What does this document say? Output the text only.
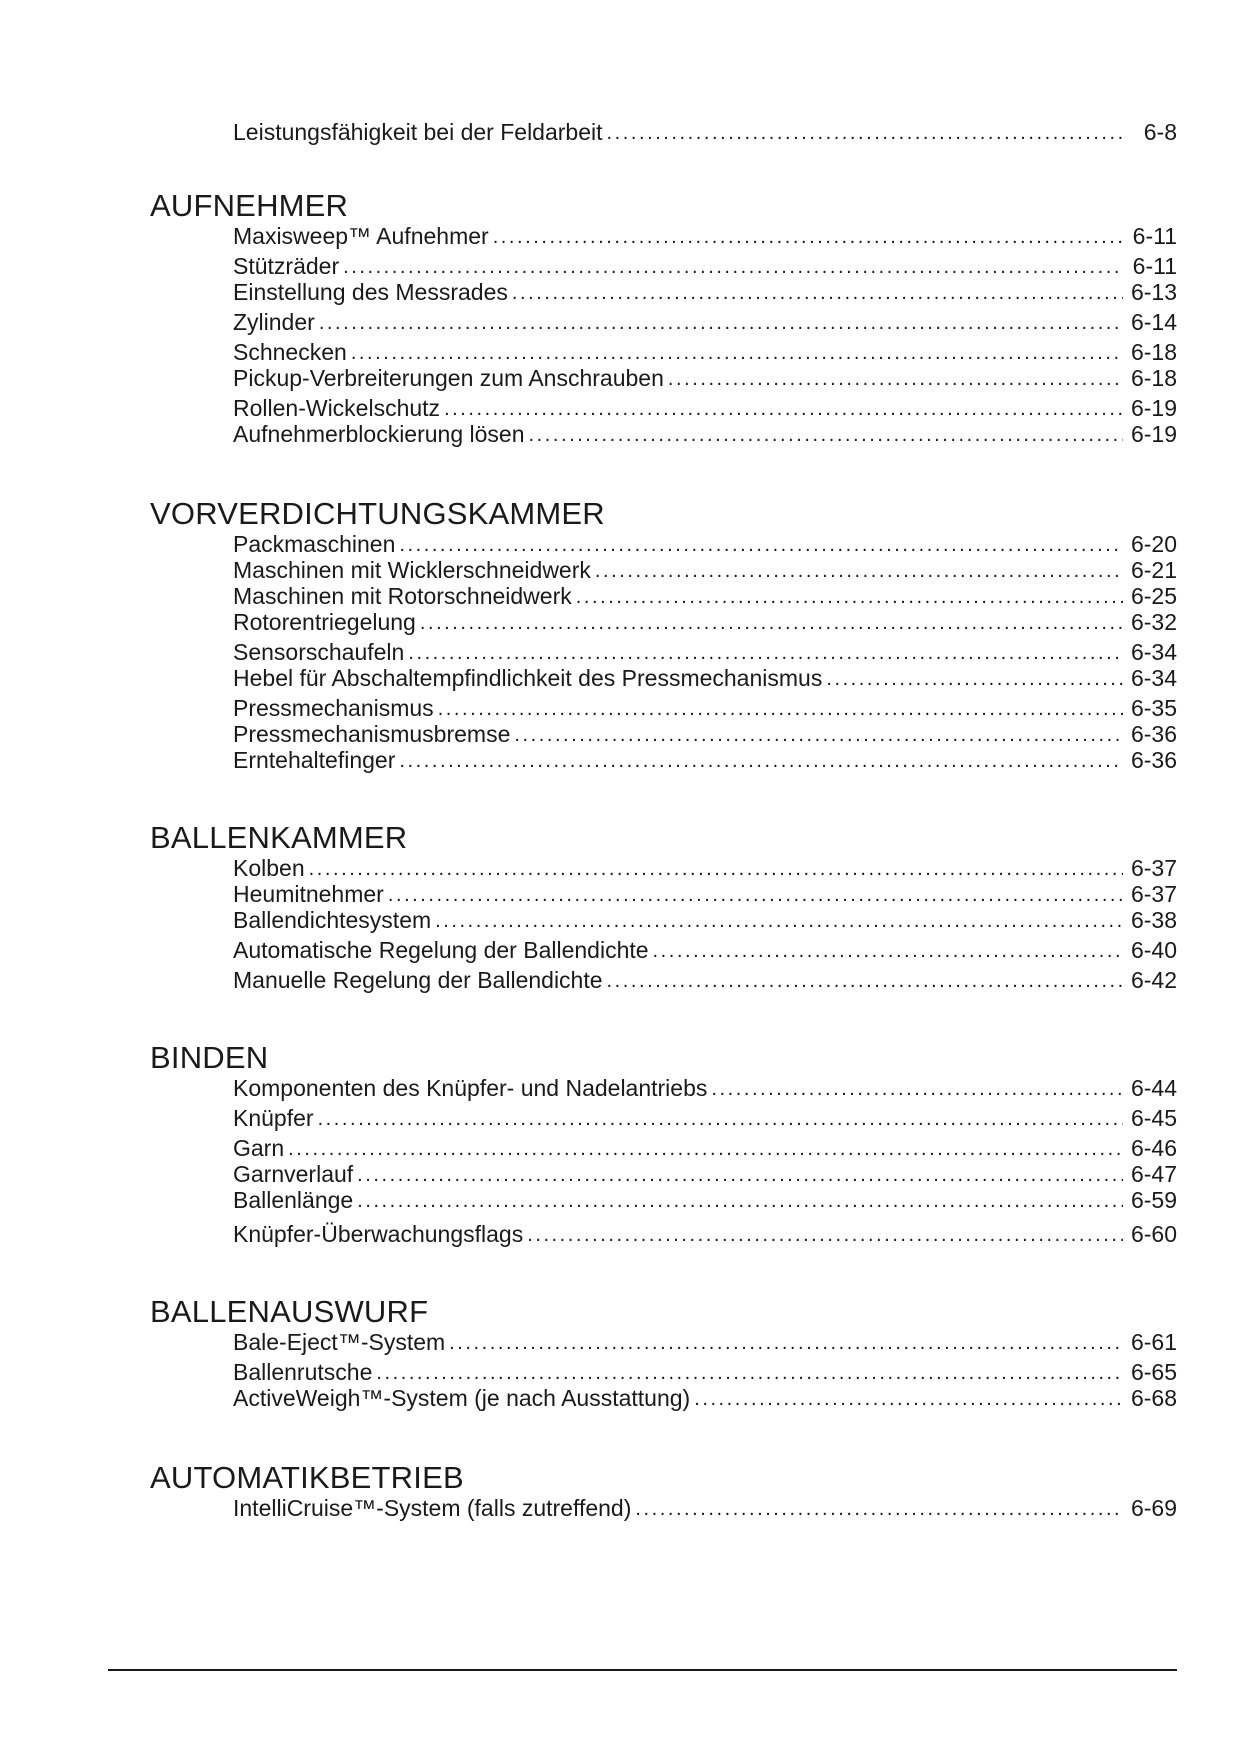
Leistungsfähigkeit bei der Feldarbeit . . .	6-8
AUFNEHMER
Maxisweep™ Aufnehmer . . .	6-11
Stützräder . . .	6-11
Einstellung des Messrades . . .	6-13
Zylinder . . .	6-14
Schnecken . . .	6-18
Pickup-Verbreiterungen zum Anschrauben . . .	6-18
Rollen-Wickelschutz . . .	6-19
Aufnehmerblockierung lösen . . .	6-19
VORVERDICHTUNGSKAMMER
Packmaschinen . . .	6-20
Maschinen mit Wicklerschneidwerk . . .	6-21
Maschinen mit Rotorschneidwerk . . .	6-25
Rotorentriegelung . . .	6-32
Sensorschaufeln . . .	6-34
Hebel für Abschaltempfindlichkeit des Pressmechanismus . . .	6-34
Pressmechanismus . . .	6-35
Pressmechanismusbremse . . .	6-36
Erntehaltefinger . . .	6-36
BALLENKAMMER
Kolben . . .	6-37
Heumitnehmer . . .	6-37
Ballendichtesystem . . .	6-38
Automatische Regelung der Ballendichte . . .	6-40
Manuelle Regelung der Ballendichte . . .	6-42
BINDEN
Komponenten des Knüpfer- und Nadelantriebs . . .	6-44
Knüpfer . . .	6-45
Garn . . .	6-46
Garnverlauf . . .	6-47
Ballenlänge . . .	6-59
Knüpfer-Überwachungsflags . . .	6-60
BALLENAUSWURF
Bale-Eject™-System . . .	6-61
Ballenrutsche . . .	6-65
ActiveWeigh™-System (je nach Ausstattung) . . .	6-68
AUTOMATIKBETRIEB
IntelliCruise™-System (falls zutreffend) . . .	6-69
